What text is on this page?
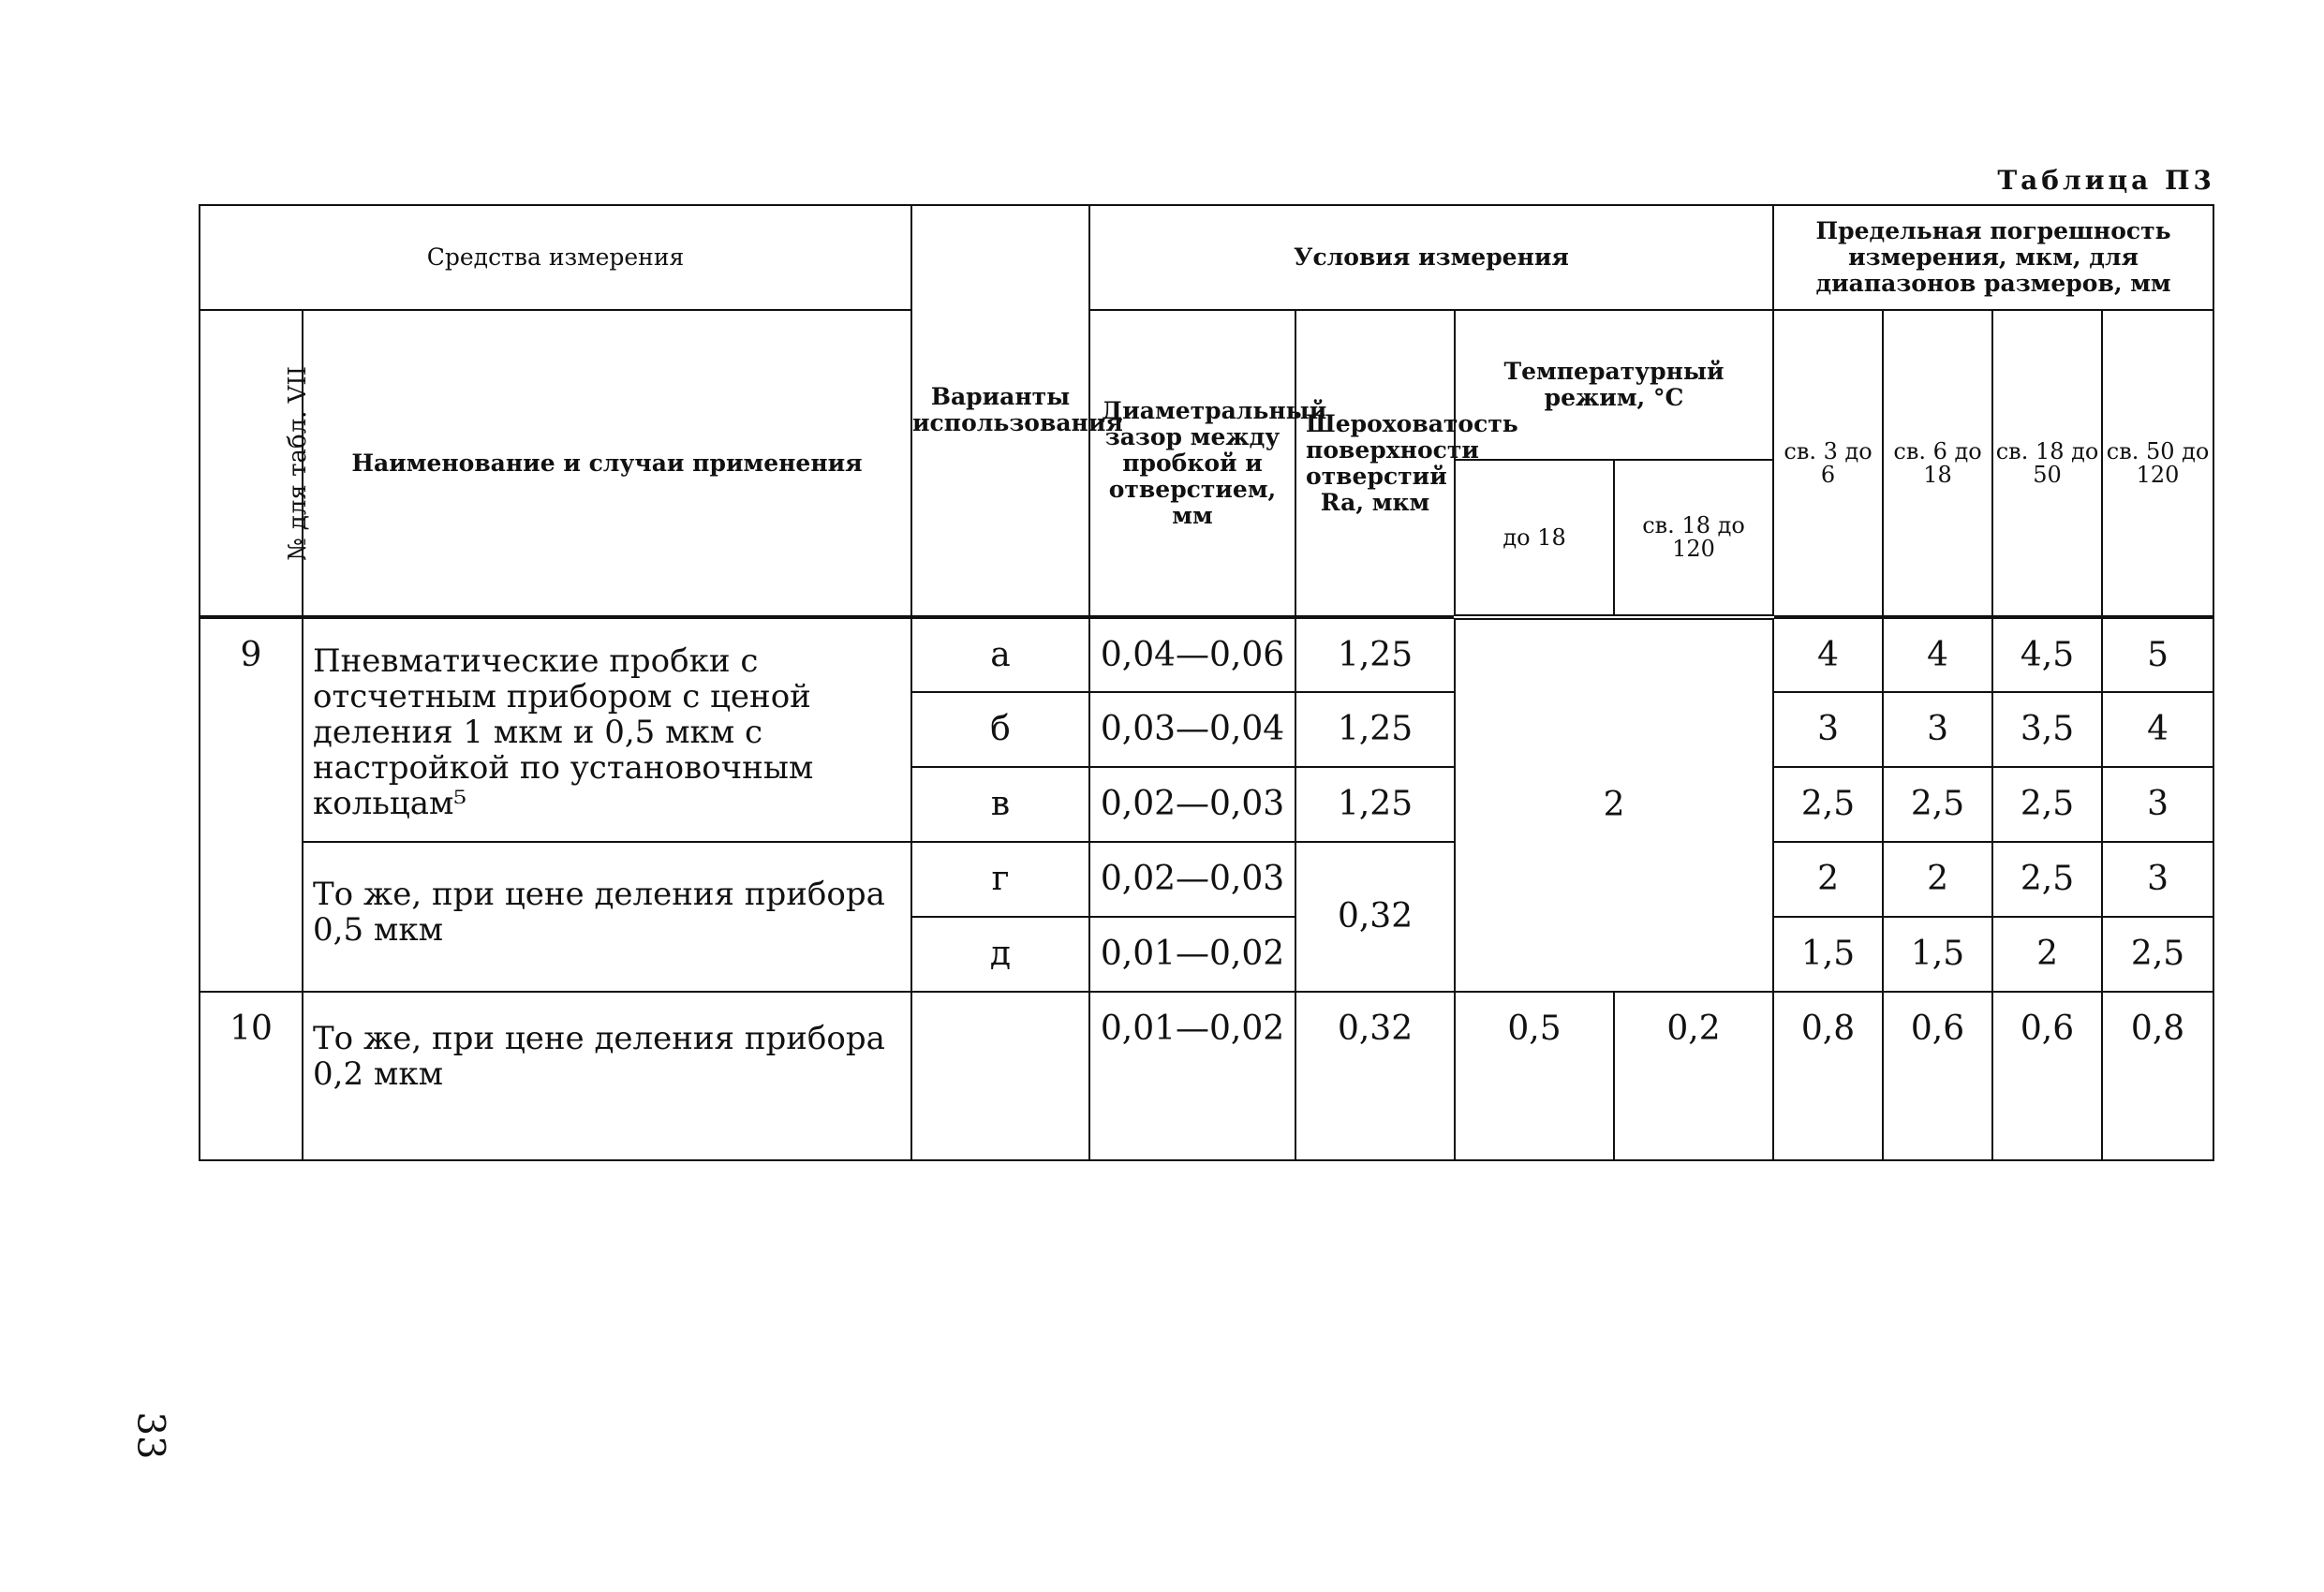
Таблица П3
Средства измерения		Варианты использования	Условия измерения				Предельная погрешность измерения, мкм, для диапазонов размеров, мм			
№ для табл. VII	Наименование и случаи применения		Диаметральный зазор между пробкой и отверстием, мм	Шероховатость поверхности отверстий Ra, мкм	Температурный режим, °С		св. 3 до 6	св. 6 до 18	св. 18 до 50	св. 50 до 120
					до 18	св. 18 до 120				
9	Пневматические пробки с отсчетным прибором с ценой деления 1 мкм и 0,5 мкм с настройкой по установочным кольцам⁵	а	0,04—0,06	1,25	2		4	4	4,5	5
		б	0,03—0,04	1,25			3	3	3,5	4
		в	0,02—0,03	1,25			2,5	2,5	2,5	3
	То же, при цене деления прибора 0,5 мкм	г	0,02—0,03	0,32			2	2	2,5	3
		д	0,01—0,02				1,5	1,5	2	2,5
10	То же, при цене деления прибора 0,2 мкм		0,01—0,02	0,32	0,5	0,2	0,8	0,6	0,6	0,8
33
